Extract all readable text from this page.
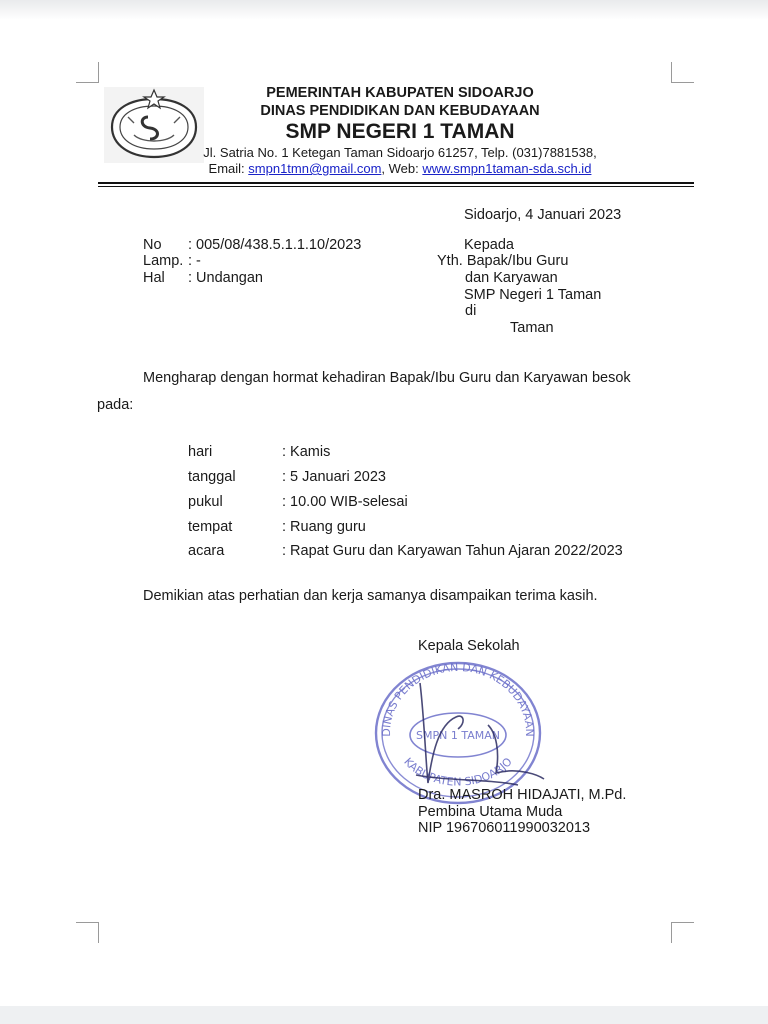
PEMERINTAH KABUPATEN SIDOARJO
DINAS PENDIDIKAN DAN KEBUDAYAAN
SMP NEGERI 1 TAMAN
Jl. Satria No. 1 Ketegan Taman Sidoarjo 61257, Telp. (031)7881538,
Email: smpn1tmn@gmail.com, Web: www.smpn1taman-sda.sch.id
Sidoarjo, 4 Januari 2023
No : 005/08/438.5.1.1.10/2023
Lamp. : -
Hal : Undangan
Kepada
Yth. Bapak/Ibu Guru
dan Karyawan
SMP Negeri 1 Taman
di
Taman
Mengharap dengan hormat kehadiran Bapak/Ibu Guru dan Karyawan besok
pada:
hari	: Kamis
tanggal	: 5 Januari 2023
pukul	: 10.00 WIB-selesai
tempat	: Ruang guru
acara	: Rapat Guru dan Karyawan Tahun Ajaran 2022/2023
Demikian atas perhatian dan kerja samanya disampaikan terima kasih.
Kepala Sekolah
DINAS PENDIDIKAN DAN KEBUDAYAAN
KABUPATEN SIDOARJO
SMPN 1 TAMAN
Dra. MASROH HIDAJATI, M.Pd.
Pembina Utama Muda
NIP 196706011990032013
